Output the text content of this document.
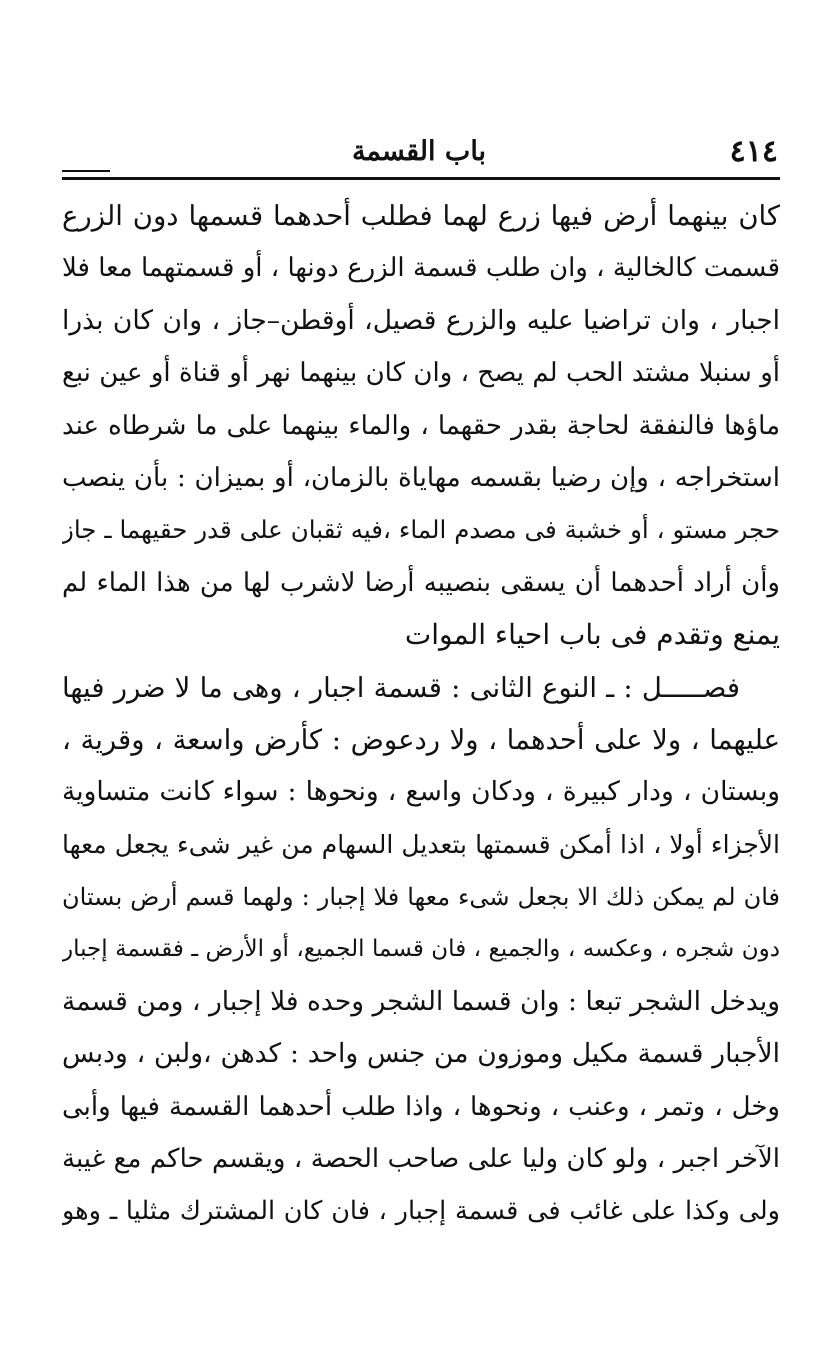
٤١٤
باب القسمة
كان بينهما أرض فيها زرع لهما فطلب أحدهما قسمها دون الزرع
قسمت كالخالية ، وان طلب قسمة الزرع دونها ، أو قسمتهما معا فلا
اجبار ، وان تراضيا عليه والزرع قصيل، أوقطن–جاز ، وان كان بذرا
أو سنبلا مشتد الحب لم يصح ، وان كان بينهما نهر أو قناة أو عين نبع
ماؤها فالنفقة لحاجة بقدر حقهما ، والماء بينهما على ما شرطاه عند
استخراجه ، وإن رضيا بقسمه مهاياة بالزمان، أو بميزان : بأن ينصب
حجر مستو ، أو خشبة فى مصدم الماء ،فيه ثقبان على قدر حقيهما ـ جاز
وأن أراد أحدهما أن يسقى بنصيبه أرضا لاشرب لها من هذا الماء لم
يمنع وتقدم فى باب احياء الموات
فصـــــل : ـ النوع الثانى : قسمة اجبار ، وهى ما لا ضرر فيها
عليهما ، ولا على أحدهما ، ولا ردعوض : كأرض واسعة ، وقرية ،
وبستان ، ودار كبيرة ، ودكان واسع ، ونحوها : سواء كانت متساوية
الأجزاء أولا ، اذا أمكن قسمتها بتعديل السهام من غير شىء يجعل معها
فان لم يمكن ذلك الا بجعل شىء معها فلا إجبار : ولهما قسم أرض بستان
دون شجره ، وعكسه ، والجميع ، فان قسما الجميع، أو الأرض ـ فقسمة إجبار
ويدخل الشجر تبعا : وان قسما الشجر وحده فلا إجبار ، ومن قسمة
الأجبار قسمة مكيل وموزون من جنس واحد : كدهن ،ولبن ، ودبس
وخل ، وتمر ، وعنب ، ونحوها ، واذا طلب أحدهما القسمة فيها وأبى
الآخر اجبر ، ولو كان وليا على صاحب الحصة ، ويقسم حاكم مع غيبة
ولى وكذا على غائب فى قسمة إجبار ، فان كان المشترك مثليا ـ وهو
